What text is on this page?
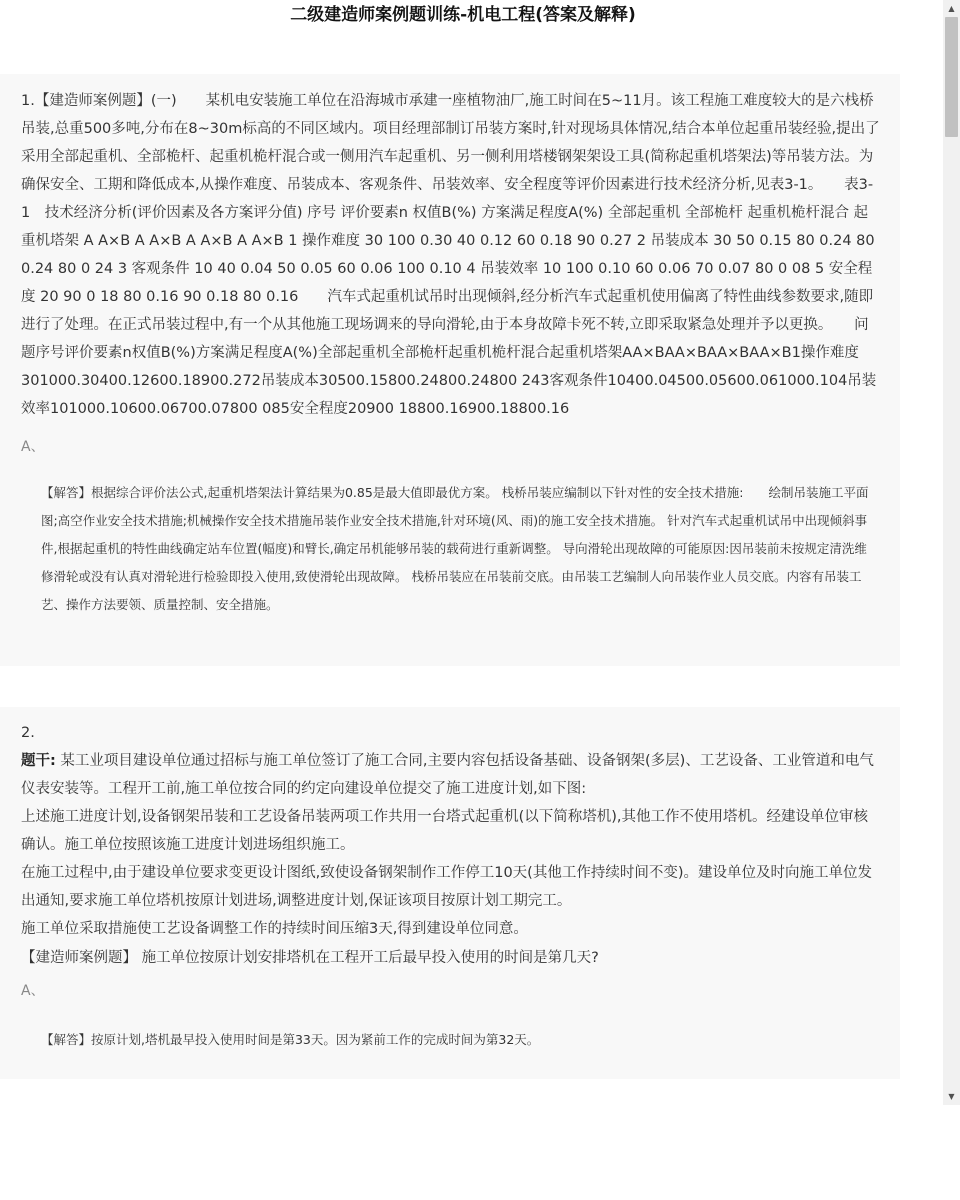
二级建造师案例题训练-机电工程(答案及解释)

1.【建造师案例题】(一)　　某机电安装施工单位在沿海城市承建一座植物油厂,施工时间在5~11月。该工程施工难度较大的是六栈桥吊装,总重500多吨,分布在8~30m标高的不同区域内。项目经理部制订吊装方案时,针对现场具体情况,结合本单位起重吊装经验,提出了采用全部起重机、全部桅杆、起重机桅杆混合或一侧用汽车起重机、另一侧利用塔楼钢架架设工具(简称起重机塔架法)等吊装方法。为确保安全、工期和降低成本,从操作难度、吊装成本、客观条件、吊装效率、安全程度等评价因素进行技术经济分析,见表3-1。　　表3-1　技术经济分析(评价因素及各方案评分值) 序号 评价要素n 权值B(%) 方案满足程度A(%) 全部起重机 全部桅杆 起重机桅杆混合 起重机塔架 A A×B A A×B A A×B A A×B 1 操作难度 30 100 0.30 40 0.12 60 0.18 90 0.27 2 吊装成本 30 50 0.15 80 0.24 80 0.24 80 0 24 3 客观条件 10 40 0.04 50 0.05 60 0.06 100 0.10 4 吊装效率 10 100 0.10 60 0.06 70 0.07 80 0 08 5 安全程度 20 90 0 18 80 0.16 90 0.18 80 0.16　　汽车式起重机试吊时出现倾斜,经分析汽车式起重机使用偏离了特性曲线参数要求,随即进行了处理。在正式吊装过程中,有一个从其他施工现场调来的导向滑轮,由于本身故障卡死不转,立即采取紧急处理并予以更换。　　问题序号评价要素n权值B(%)方案满足程度A(%)全部起重机全部桅杆起重机桅杆混合起重机塔架AA×BAA×BAA×BAA×B1操作难度301000.30400.12600.18900.272吊装成本30500.15800.24800.24800 243客观条件10400.04500.05600.061000.104吊装效率101000.10600.06700.07800 085安全程度20900 18800.16900.18800.16

A、

【解答】根据综合评价法公式,起重机塔架法计算结果为0.85是最大值即最优方案。 栈桥吊装应编制以下针对性的安全技术措施:　　绘制吊装施工平面图;高空作业安全技术措施;机械操作安全技术措施吊装作业安全技术措施,针对环境(风、雨)的施工安全技术措施。 针对汽车式起重机试吊中出现倾斜事件,根据起重机的特性曲线确定站车位置(幅度)和臂长,确定吊机能够吊装的载荷进行重新调整。 导向滑轮出现故障的可能原因:因吊装前未按规定清洗维修滑轮或没有认真对滑轮进行检验即投入使用,致使滑轮出现故障。 栈桥吊装应在吊装前交底。由吊装工艺编制人向吊装作业人员交底。内容有吊装工艺、操作方法要领、质量控制、安全措施。

2.
题干: 某工业项目建设单位通过招标与施工单位签订了施工合同,主要内容包括设备基础、设备钢架(多层)、工艺设备、工业管道和电气仪表安装等。工程开工前,施工单位按合同的约定向建设单位提交了施工进度计划,如下图:
上述施工进度计划,设备钢架吊装和工艺设备吊装两项工作共用一台塔式起重机(以下简称塔机),其他工作不使用塔机。经建设单位审核确认。施工单位按照该施工进度计划进场组织施工。
在施工过程中,由于建设单位要求变更设计图纸,致使设备钢架制作工作停工10天(其他工作持续时间不变)。建设单位及时向施工单位发出通知,要求施工单位塔机按原计划进场,调整进度计划,保证该项目按原计划工期完工。
施工单位采取措施使工艺设备调整工作的持续时间压缩3天,得到建设单位同意。

【建造师案例题】 施工单位按原计划安排塔机在工程开工后最早投入使用的时间是第几天?
A、

【解答】按原计划,塔机最早投入使用时间是第33天。因为紧前工作的完成时间为第32天。

▲
▼
